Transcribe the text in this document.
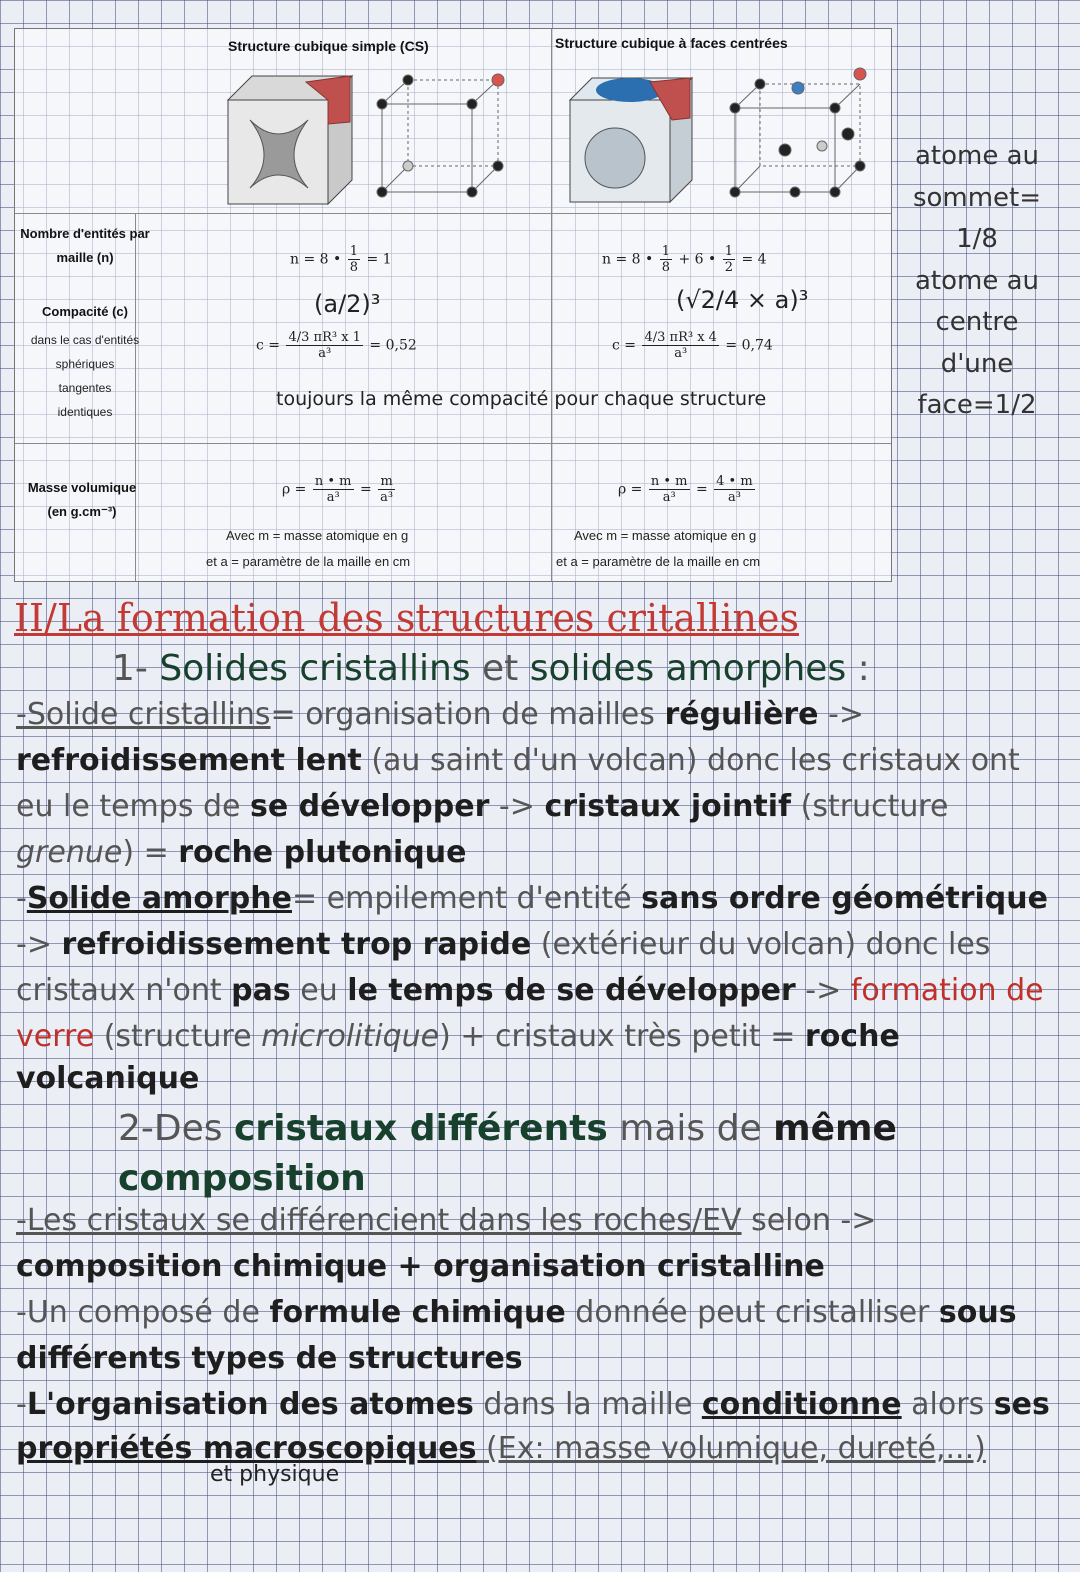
Structure cubique simple (CS)	Structure cubique à faces centrées
Nombre d'entités par maille (n)
Compacité (c)
dans le cas d'entités sphériques tangentes identiques
Masse volumique (en g.cm⁻³)
n = 8 • $\frac{1}{8} = 1$
(a/2)³
$c = \frac{\text{4/3 πR³ x 1}}{\text{a³}} = 0,52$
$\rho = \frac{n • m}{\text{a³}} = \frac{m}{\text{a³}}$
Avec m = masse atomique en g
et a = paramètre de la maille en cm
n = 8 • $\frac{1}{8} + 6$ • $\frac{1}{2} = 4$
(√2/4 × a)³
$c = \frac{\text{4/3 πR³ x 4}}{\text{a³}} = 0,74$
$\rho = \frac{n • m}{\text{a³}} = \frac{4 • m}{\text{a³}}$
Avec m = masse atomique en g
et a = paramètre de la maille en cm
toujours la même compacité pour chaque structure
atome au
sommet=
1/8
atome au
centre
d'une
face=1/2
II/La formation des structures critallines
1- Solides cristallins et solides amorphes :
-Solide cristallins= organisation de mailles régulière ->
refroidissement lent (au saint d'un volcan) donc les cristaux ont
eu le temps de se développer -> cristaux jointif (structure
grenue) = roche plutonique
-Solide amorphe= empilement d'entité sans ordre géométrique
-> refroidissement trop rapide (extérieur du volcan) donc les
cristaux n'ont pas eu le temps de se développer -> formation de
verre (structure microlitique) + cristaux très petit = roche
volcanique
2-Des cristaux différents mais de même
composition
-Les cristaux se différencient dans les roches/EV selon ->
composition chimique + organisation cristalline
-Un composé de formule chimique donnée peut cristalliser sous
différents types de structures
-L'organisation des atomes dans la maille conditionne alors ses
propriétés macroscopiques (Ex: masse volumique, dureté,...)
et physique
